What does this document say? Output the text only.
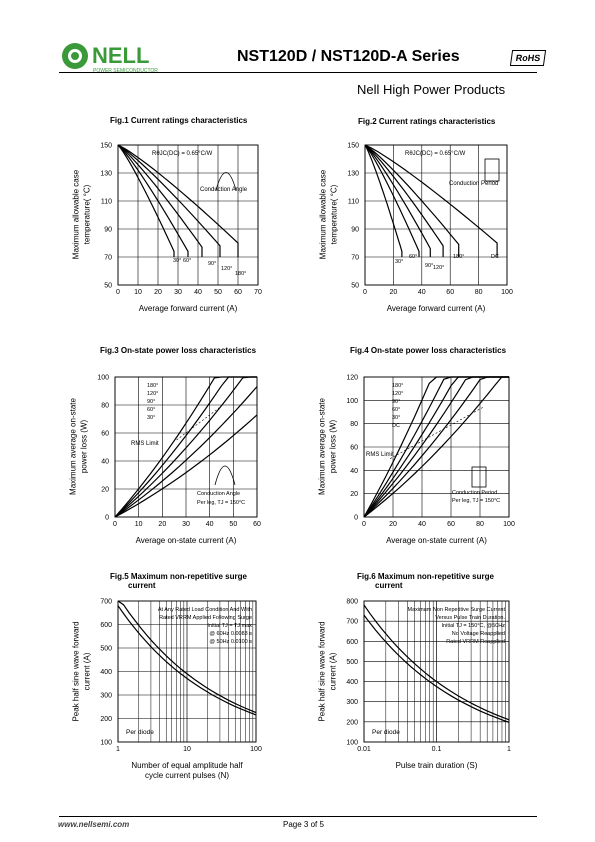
NELL
POWER SEMICONDUCTOR
NST120D / NST120D-A Series	RoHS
Nell High Power Products
0 10 20 30 40 50 60 70
50
70
90
110
130
150
RθJC(DC) = 0.65°C/W
Conduction Angle
30° 60°	90°
120°
180°
0	20	40	60	80	100
50
70
90
110
130
150
RθJC(DC) = 0.65°C/W
Conduction Period
30°
60°
90° 120°
180°	DC
0	10 20 30 40 50 60
0
20
40
60
80
100
180°
120°
90°
60°
30°
RMS Limit
Conduction Angle
Per leg, TJ = 150°C
0	20	40	60	80	100
0
20
40
60
80
100
120
180°
120°
90°
60°
30°
DC
RMS Limit
Conduction Period
Per leg, TJ = 150°C
1	10	100
100
200
300
400
500
600
700
At Any Rated Load Condition And With
Rated VRRM Applied Following Surge
Initial TJ = TJ max
@ 60Hz 0.0083 s
@ 50Hz 0.0100 s
Per diode
0.01	0.1	1
100
200
300
400
500
600
700
800
Maximum Non Repetitive Surge Current
Versus Pulse Train Duration.
Initial TJ = 150°C, @50Hz
No Voltage Reapplied
Rated VRRM Reapplied
Per diode
www.nellsemi.com	Page 3 of 5
Fig.1 Current ratings characteristics
Maximum allowable case temperature( °C)
Average forward current (A)
Fig.2 Current ratings characteristics
Maximum allowable case temperature( °C)
Average forward current (A)
Fig.3 On-state power loss characteristics
Maximum average on-state power loss (W)
Average on-state current (A)
Fig.4 On-state power loss characteristics
Maximum average on-state power loss (W)
Average on-state current (A)
Fig.5 Maximum non-repetitive surge
current
Peak half sine wave forward current (A)
Number of equal amplitude half
cycle current pulses (N)
Fig.6 Maximum non-repetitive surge
current
Peak half sine wave forward current (A)
Pulse train duration (S)
